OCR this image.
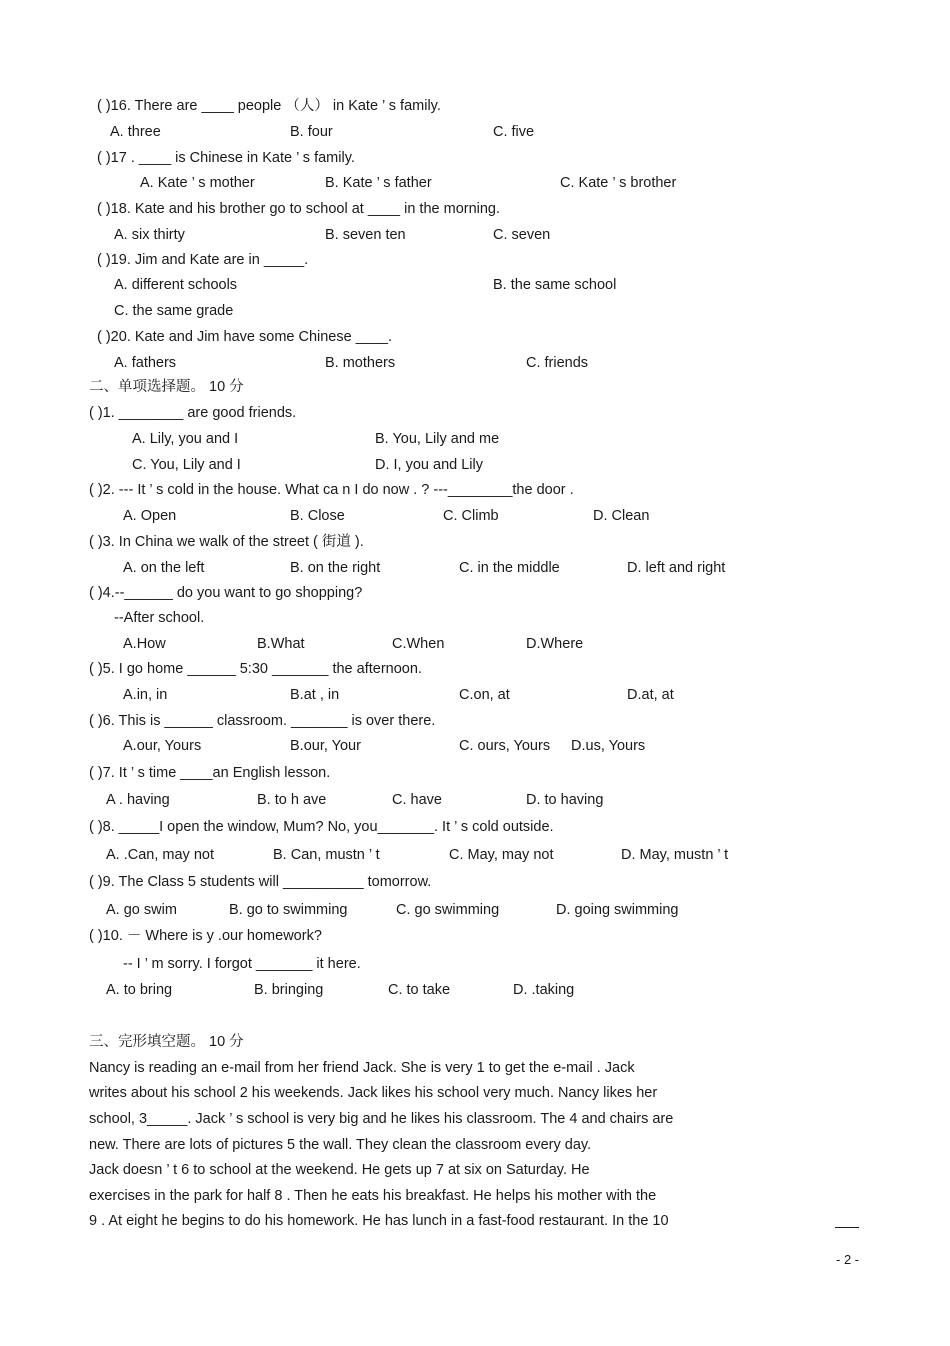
( )16. There are ____ people （人） in Kate ’ s family.
A. three	B. four	C. five
( )17 . ____ is Chinese in Kate ’ s family.
A. Kate ’ s mother	B. Kate ’ s father	C. Kate ’ s brother
( )18. Kate and his brother go to school at ____ in the morning.
A. six thirty	B. seven ten	C. seven
( )19. Jim and Kate are in _____.
A. different schools	B. the same school
C. the same grade
( )20. Kate and Jim have some Chinese ____.
A. fathers	B. mothers	C. friends
二、单项选择题。 10 分
( )1. ________ are good friends.
A. Lily, you and I	B. You, Lily and me
C. You, Lily and I	D. I, you and Lily
( )2. --- It ’ s cold in the house. What ca n I do now . ? ---________the door .
A. Open	B. Close	C. Climb	D. Clean
( )3. In China we walk of the street ( 街道 ).
A. on the left	B. on the right	C. in the middle	D. left and right
( )4.--______ do you want to go shopping?
--After school.
A.How	B.What	C.When	D.Where
( )5. I go home ______ 5:30 _______ the afternoon.
A.in, in	B.at , in	C.on, at	D.at, at
( )6. This is ______ classroom. _______ is over there.
A.our, Yours	B.our, Your	C. ours, Yours D.us, Yours
( )7. It ’ s time ____an English lesson.
A . having	B. to h ave	C. have	D. to having
( )8. _____I open the window, Mum? No, you_______. It ’ s cold outside.
A. .Can, may not	B. Can, mustn ’ t	C. May, may not	D. May, mustn ’ t
( )9. The Class 5 students will __________ tomorrow.
A. go swim	B. go to swimming	C. go swimming	D. going swimming
( )10. － Where is y .our homework?
-- I ’ m sorry. I forgot _______ it here.
A. to bring	B. bringing	C. to take	D. .taking
三、完形填空题。 10 分
Nancy is reading an e-mail from her friend Jack. She is very 1 to get the e-mail . Jack
writes about his school 2 his weekends. Jack likes his school very much. Nancy likes her
school, 3_____. Jack ’ s school is very big and he likes his classroom. The 4 and chairs are
new. There are lots of pictures 5 the wall. They clean the classroom every day.
Jack doesn ’ t 6 to school at the weekend. He gets up 7 at six on Saturday. He
exercises in the park for half 8 . Then he eats his breakfast. He helps his mother with the
9 . At eight he begins to do his homework. He has lunch in a fast-food restaurant. In the 10
- 2 -
